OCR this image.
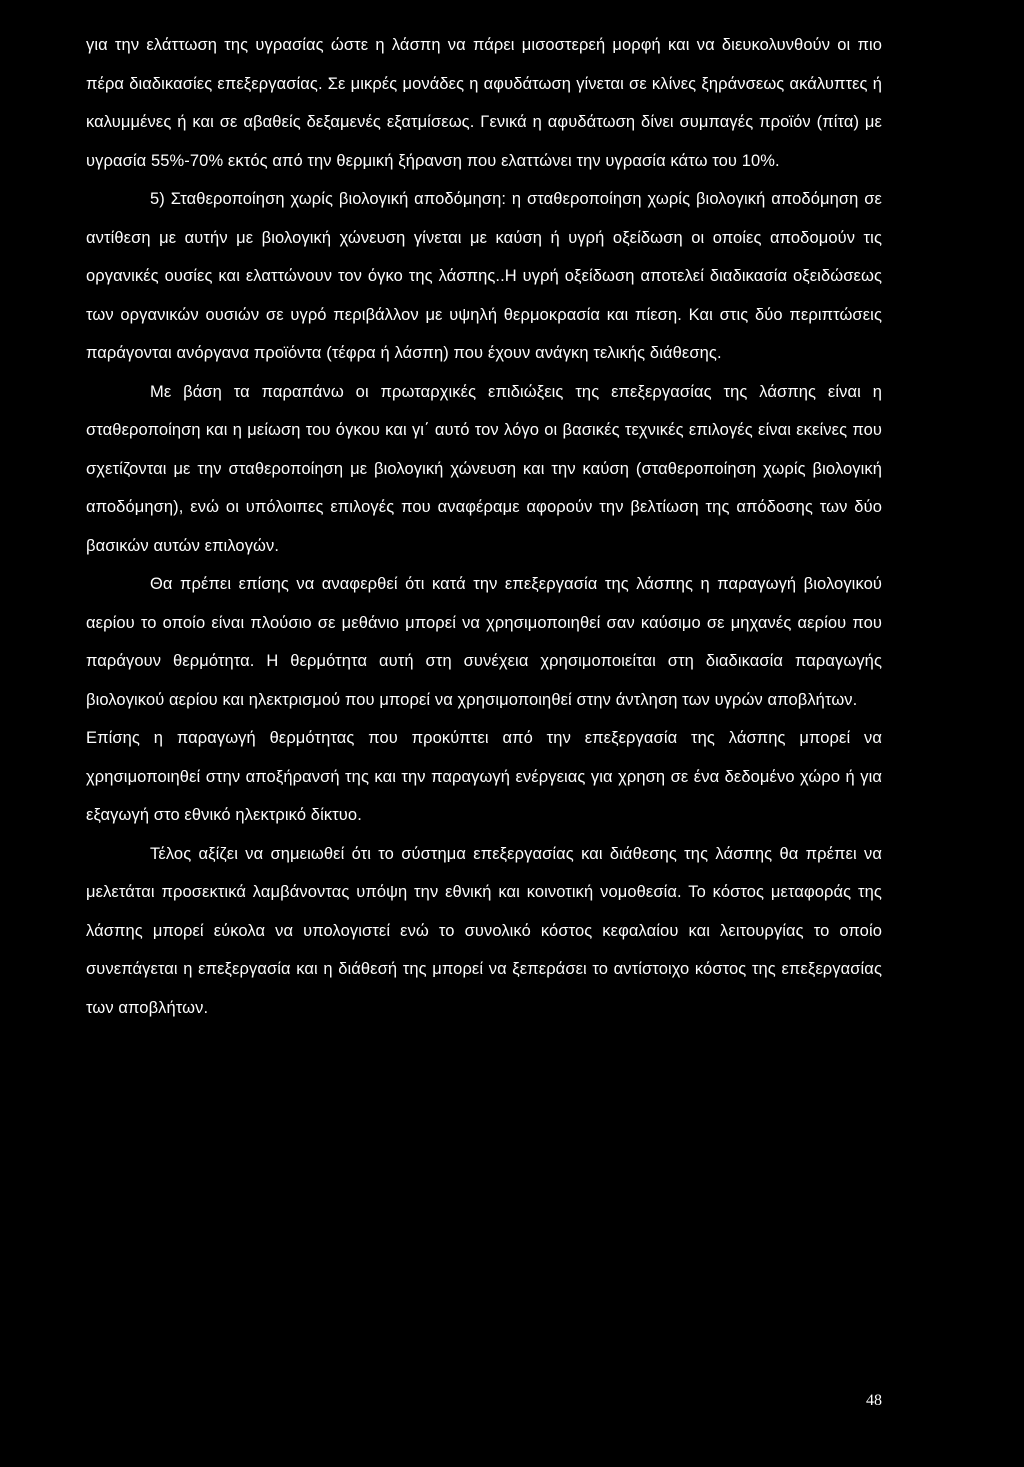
για την ελάττωση της υγρασίας ώστε η λάσπη να πάρει μισοστερεή μορφή και να διευκολυνθούν οι πιο πέρα διαδικασίες επεξεργασίας. Σε μικρές μονάδες η αφυδάτωση γίνεται σε κλίνες ξηράνσεως ακάλυπτες ή καλυμμένες ή και σε αβαθείς δεξαμενές εξατμίσεως. Γενικά η αφυδάτωση δίνει συμπαγές προϊόν (πίτα) με υγρασία 55%-70% εκτός από την θερμική ξήρανση που ελαττώνει την υγρασία κάτω του 10%.

5) Σταθεροποίηση χωρίς βιολογική αποδόμηση: η σταθεροποίηση χωρίς βιολογική αποδόμηση σε αντίθεση με αυτήν με βιολογική χώνευση γίνεται με καύση ή υγρή οξείδωση οι οποίες αποδομούν τις οργανικές ουσίες και ελαττώνουν τον όγκο της λάσπης..Η υγρή οξείδωση αποτελεί διαδικασία οξειδώσεως των οργανικών ουσιών σε υγρό περιβάλλον με υψηλή θερμοκρασία και πίεση. Και στις δύο περιπτώσεις παράγονται ανόργανα προϊόντα (τέφρα ή λάσπη) που έχουν ανάγκη τελικής διάθεσης.

Με βάση τα παραπάνω οι πρωταρχικές επιδιώξεις της επεξεργασίας της λάσπης είναι η σταθεροποίηση και η μείωση του όγκου και γι΄ αυτό τον λόγο οι βασικές τεχνικές επιλογές είναι εκείνες που σχετίζονται με την σταθεροποίηση με βιολογική χώνευση και την καύση (σταθεροποίηση χωρίς βιολογική αποδόμηση), ενώ οι υπόλοιπες επιλογές που αναφέραμε αφορούν την βελτίωση της απόδοσης των δύο βασικών αυτών επιλογών.

Θα πρέπει επίσης να αναφερθεί ότι κατά την επεξεργασία της λάσπης η παραγωγή βιολογικού αερίου το οποίο είναι πλούσιο σε μεθάνιο μπορεί να χρησιμοποιηθεί σαν καύσιμο σε μηχανές αερίου που παράγουν θερμότητα. Η θερμότητα αυτή στη συνέχεια χρησιμοποιείται στη διαδικασία παραγωγής βιολογικού αερίου και ηλεκτρισμού που μπορεί να χρησιμοποιηθεί στην άντληση των υγρών αποβλήτων.

Επίσης η παραγωγή θερμότητας που προκύπτει από την επεξεργασία της λάσπης μπορεί να χρησιμοποιηθεί στην αποξήρανσή της και την παραγωγή ενέργειας για χρηση σε ένα δεδομένο χώρο ή για εξαγωγή στο εθνικό ηλεκτρικό δίκτυο.

Τέλος αξίζει να σημειωθεί ότι το σύστημα επεξεργασίας και διάθεσης της λάσπης θα πρέπει να μελετάται προσεκτικά λαμβάνοντας υπόψη την εθνική και κοινοτική νομοθεσία. Το κόστος μεταφοράς της λάσπης μπορεί εύκολα να υπολογιστεί ενώ το συνολικό κόστος κεφαλαίου και λειτουργίας το οποίο συνεπάγεται η επεξεργασία και η διάθεσή της μπορεί να ξεπεράσει το αντίστοιχο κόστος της επεξεργασίας των αποβλήτων.

48
